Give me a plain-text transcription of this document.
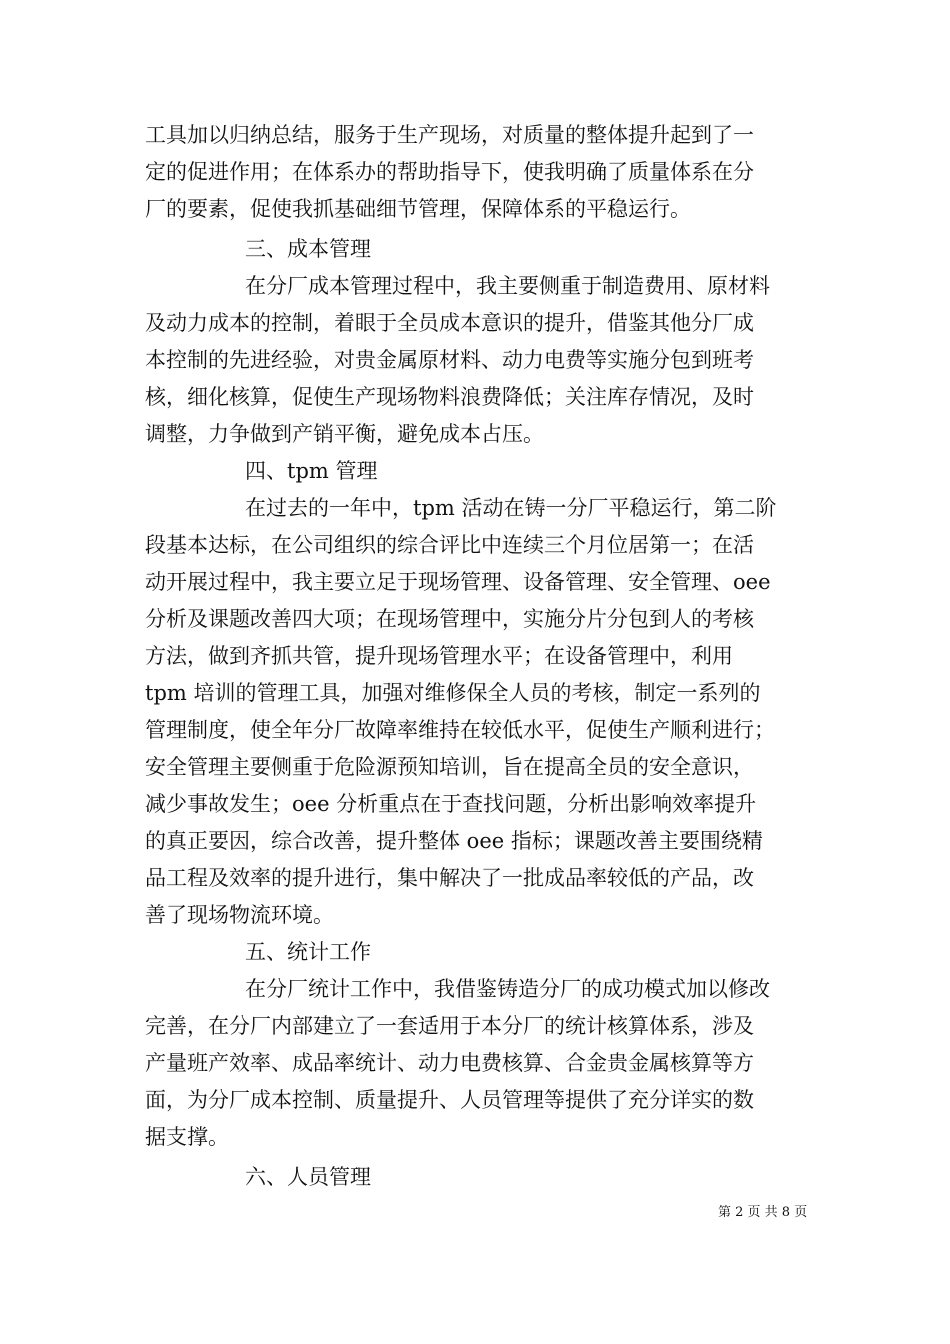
工具加以归纳总结，服务于生产现场，对质量的整体提升起到了一
定的促进作用；在体系办的帮助指导下，使我明确了质量体系在分
厂的要素，促使我抓基础细节管理，保障体系的平稳运行。
三、成本管理
在分厂成本管理过程中，我主要侧重于制造费用、原材料
及动力成本的控制，着眼于全员成本意识的提升，借鉴其他分厂成
本控制的先进经验，对贵金属原材料、动力电费等实施分包到班考
核，细化核算，促使生产现场物料浪费降低；关注库存情况，及时
调整，力争做到产销平衡，避免成本占压。
四、tpm 管理
在过去的一年中，tpm 活动在铸一分厂平稳运行，第二阶
段基本达标，在公司组织的综合评比中连续三个月位居第一；在活
动开展过程中，我主要立足于现场管理、设备管理、安全管理、oee
分析及课题改善四大项；在现场管理中，实施分片分包到人的考核
方法，做到齐抓共管，提升现场管理水平；在设备管理中，利用
tpm 培训的管理工具，加强对维修保全人员的考核，制定一系列的
管理制度，使全年分厂故障率维持在较低水平，促使生产顺利进行；
安全管理主要侧重于危险源预知培训，旨在提高全员的安全意识，
减少事故发生；oee 分析重点在于查找问题，分析出影响效率提升
的真正要因，综合改善，提升整体 oee 指标；课题改善主要围绕精
品工程及效率的提升进行，集中解决了一批成品率较低的产品，改
善了现场物流环境。
五、统计工作
在分厂统计工作中，我借鉴铸造分厂的成功模式加以修改
完善，在分厂内部建立了一套适用于本分厂的统计核算体系，涉及
产量班产效率、成品率统计、动力电费核算、合金贵金属核算等方
面，为分厂成本控制、质量提升、人员管理等提供了充分详实的数
据支撑。
六、人员管理
第 2 页 共 8 页
